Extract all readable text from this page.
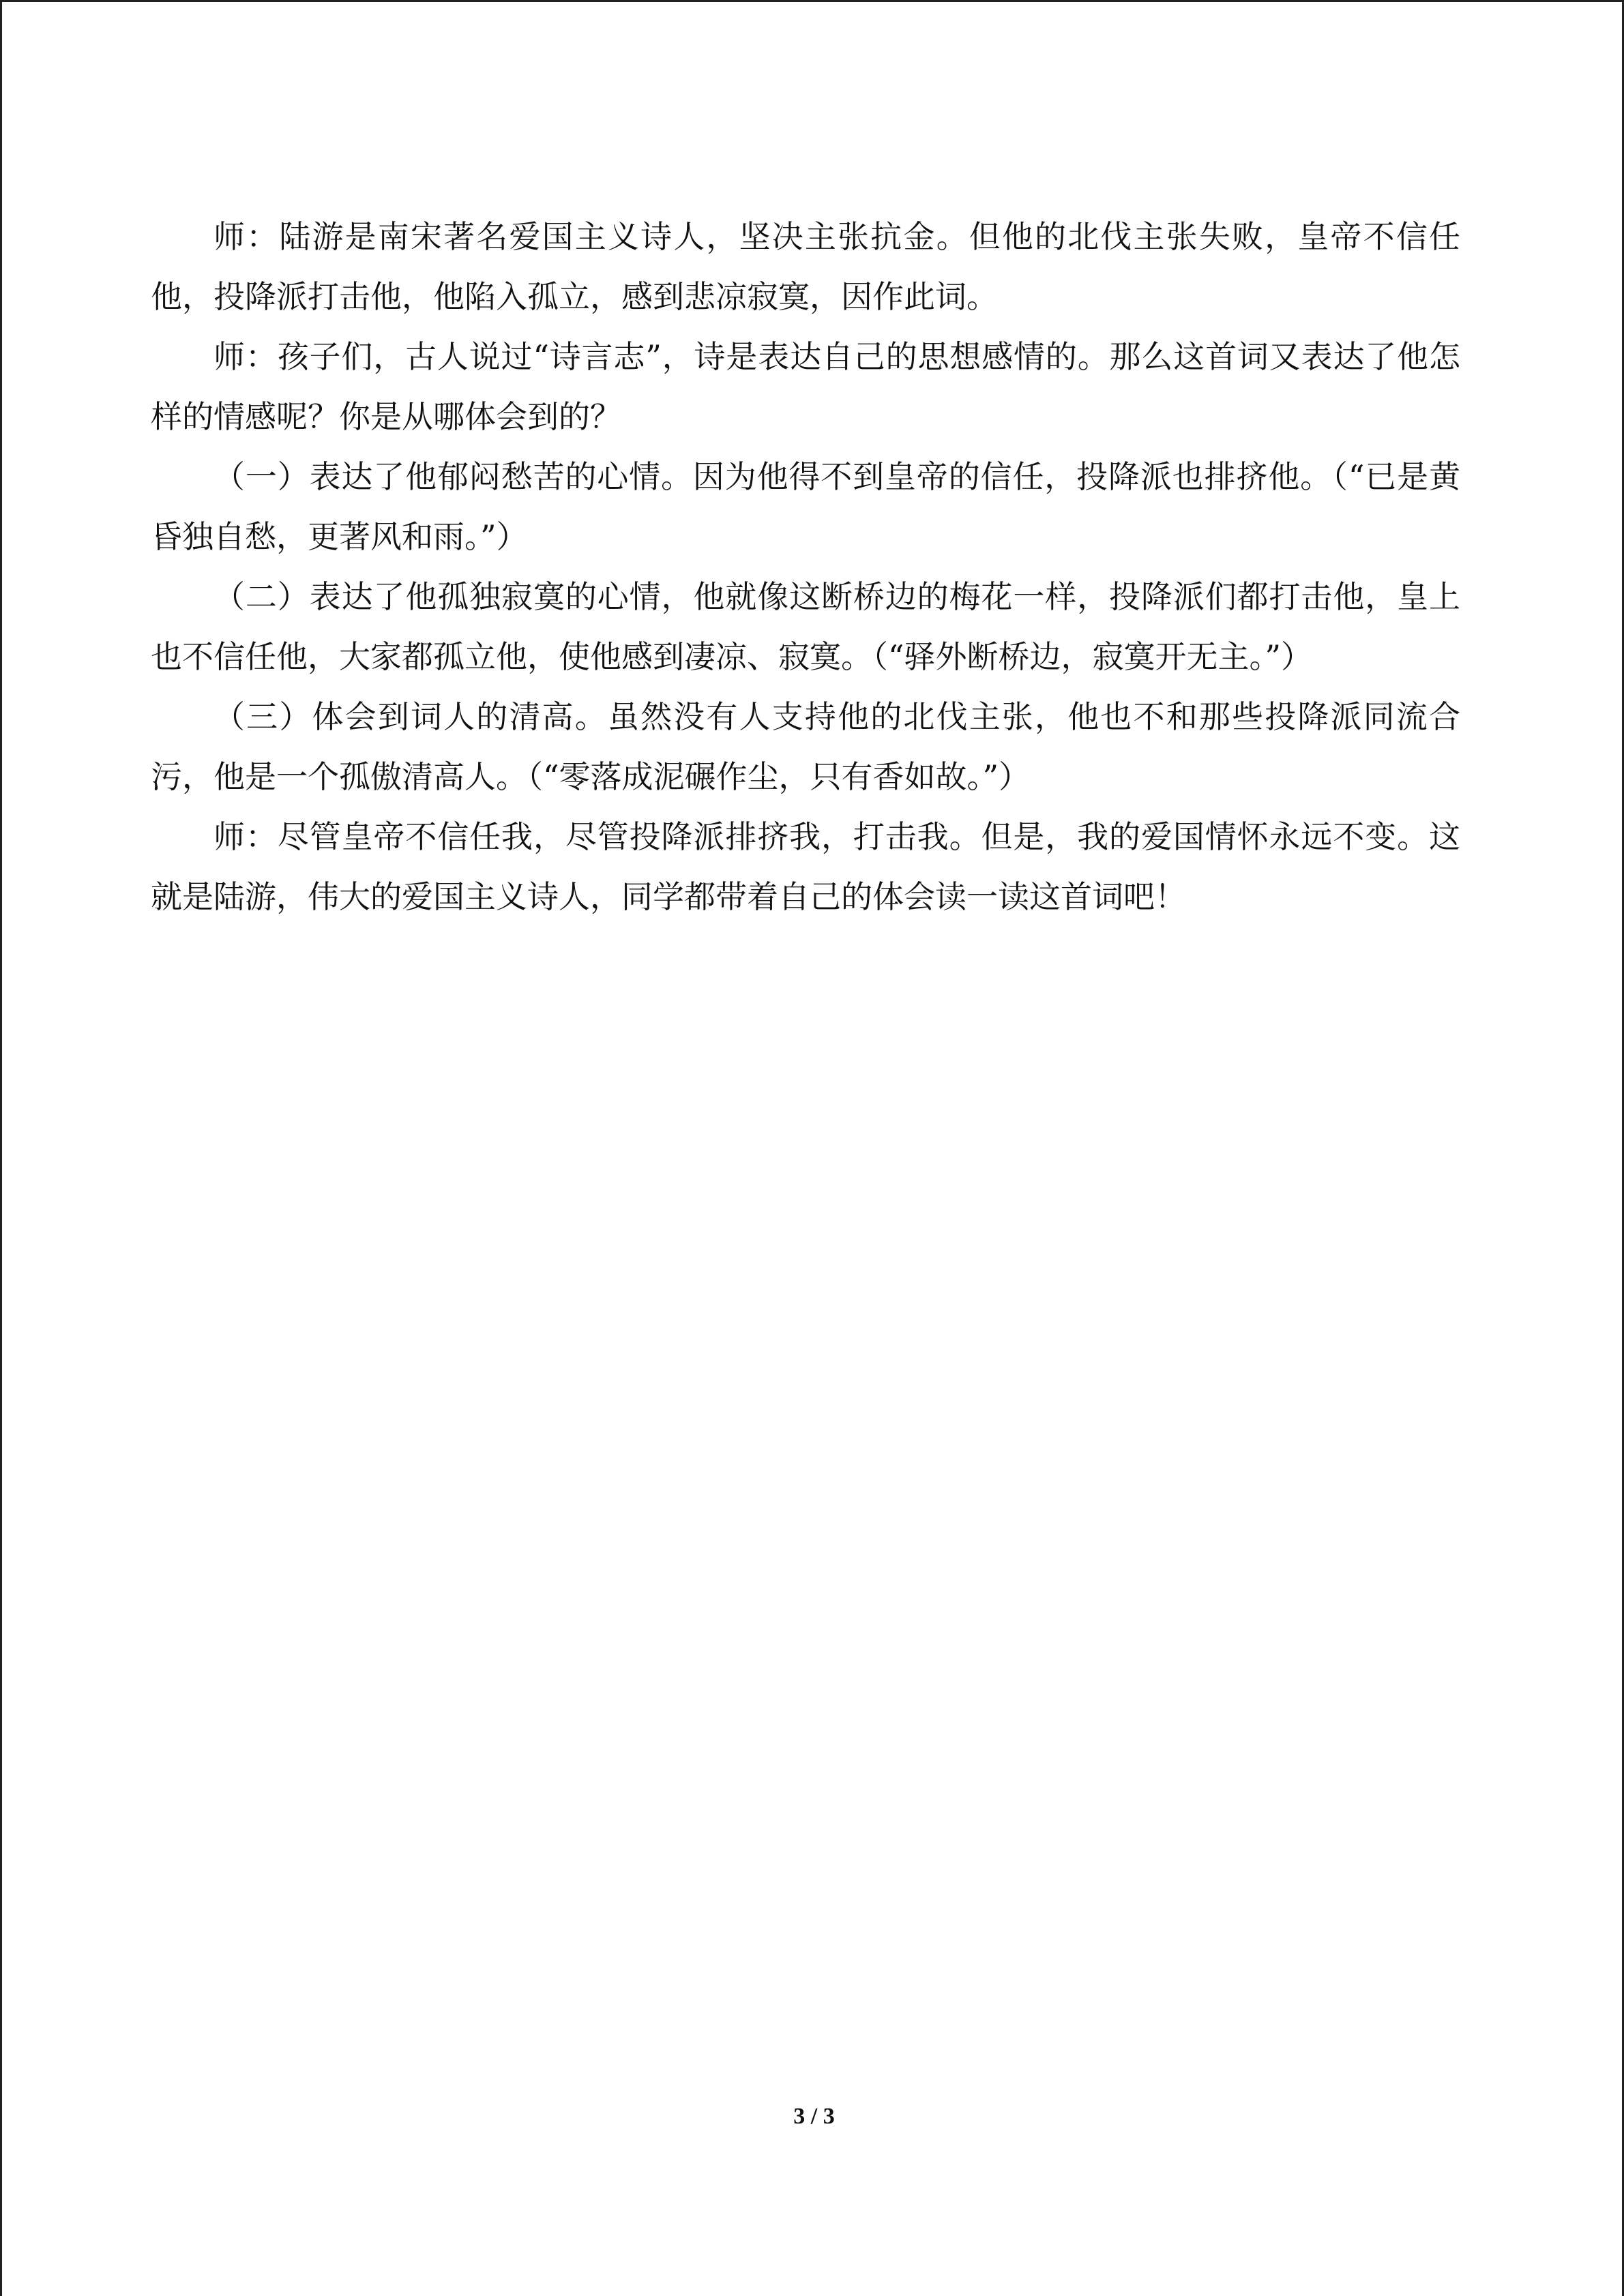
师：陆游是南宋著名爱国主义诗人，坚决主张抗金。但他的北伐主张失败，皇帝不信任他，投降派打击他，他陷入孤立，感到悲凉寂寞，因作此词。

师：孩子们，古人说过“诗言志”，诗是表达自己的思想感情的。那么这首词又表达了他怎样的情感呢？你是从哪体会到的？

（一）表达了他郁闷愁苦的心情。因为他得不到皇帝的信任，投降派也排挤他。（“已是黄昏独自愁，更著风和雨。”）

（二）表达了他孤独寂寞的心情，他就像这断桥边的梅花一样，投降派们都打击他，皇上也不信任他，大家都孤立他，使他感到凄凉、寂寞。（“驿外断桥边，寂寞开无主。”）

（三）体会到词人的清高。虽然没有人支持他的北伐主张，他也不和那些投降派同流合污，他是一个孤傲清高人。（“零落成泥碾作尘，只有香如故。”）

师：尽管皇帝不信任我，尽管投降派排挤我，打击我。但是，我的爱国情怀永远不变。这就是陆游，伟大的爱国主义诗人，同学都带着自己的体会读一读这首词吧！

3 / 3
